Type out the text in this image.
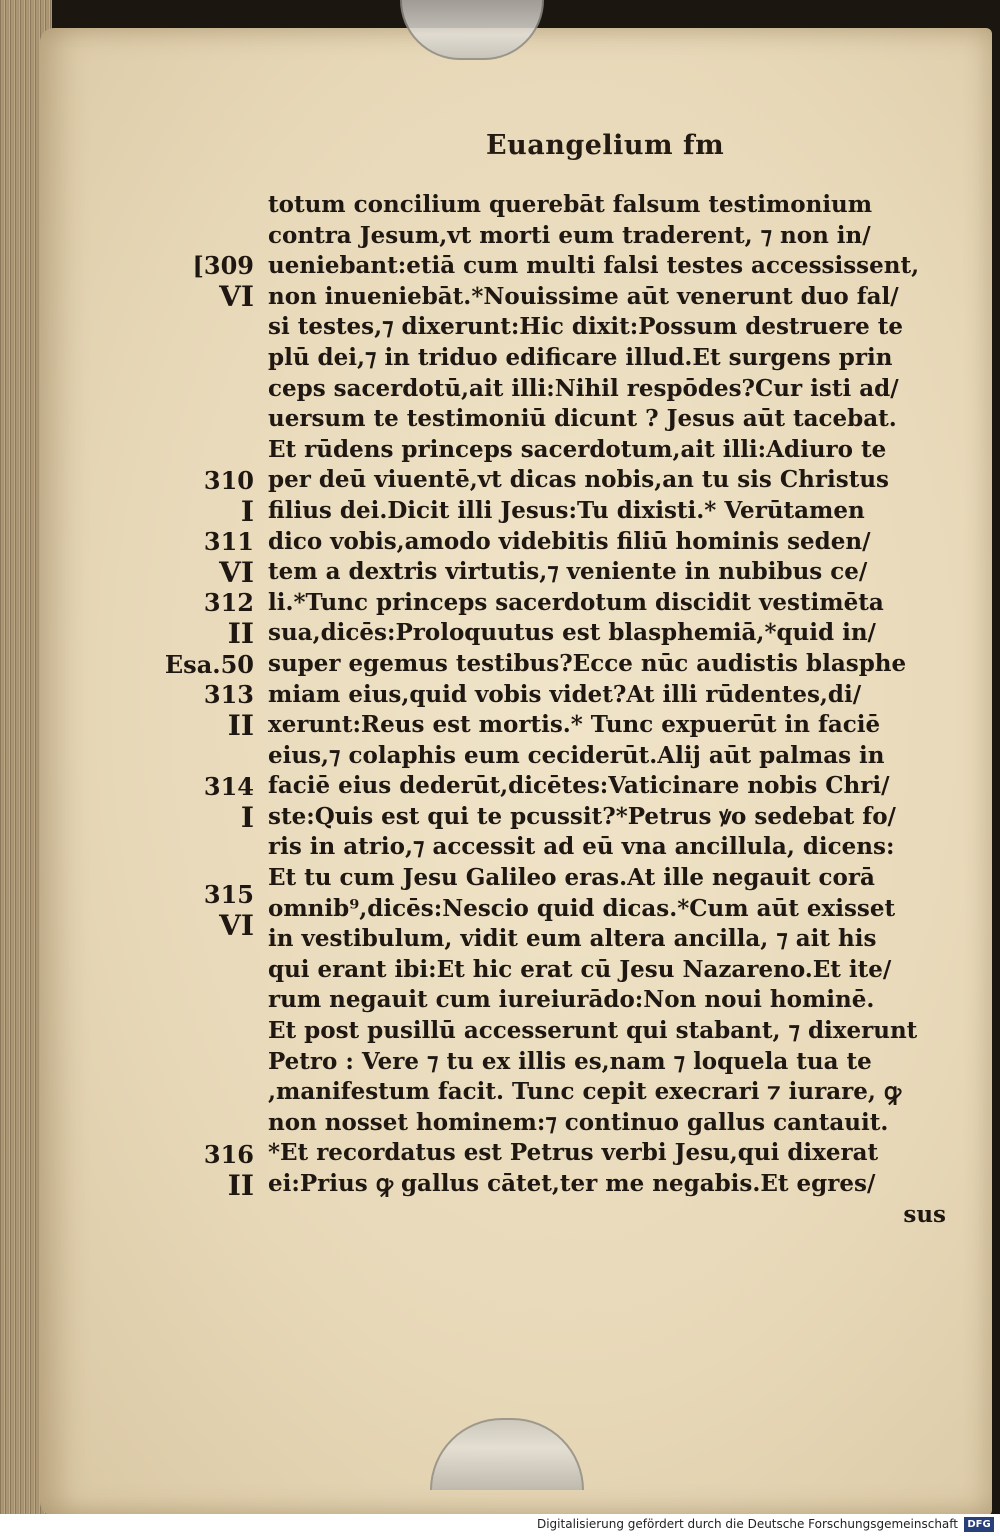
Euangelium fm
totum concilium querebāt falsum testimonium
contra Jesum,vt morti eum traderent, ⁊ non in/
ueniebant:etiā cum multi falsi testes accessissent,
non inueniebāt.*Nouissime aūt venerunt duo fal/
si testes,⁊ dixerunt:Hic dixit:Possum destruere te
plū dei,⁊ in triduo edificare illud.Et surgens prin
ceps sacerdotū,ait illi:Nihil respōdes?Cur isti ad/
uersum te testimoniū dicunt ? Jesus aūt tacebat.
Et rūdens princeps sacerdotum,ait illi:Adiuro te
per deū viuentē,vt dicas nobis,an tu sis Christus
filius dei.Dicit illi Jesus:Tu dixisti.* Verūtamen
dico vobis,amodo videbitis filiū hominis seden/
tem a dextris virtutis,⁊ veniente in nubibus ce/
li.*Tunc princeps sacerdotum discidit vestimēta
sua,dicēs:Proloquutus est blasphemiā,*quid in/
super egemus testibus?Ecce nūc audistis blasphe
miam eius,quid vobis videt?At illi rūdentes,di/
xerunt:Reus est mortis.* Tunc expuerūt in faciē
eius,⁊ colaphis eum ceciderūt.Alij aūt palmas in
faciē eius dederūt,dicētes:Vaticinare nobis Chri/
ste:Quis est qui te pcussit?*Petrus ꝟo sedebat fo/
ris in atrio,⁊ accessit ad eū vna ancillula, dicens:
Et tu cum Jesu Galileo eras.At ille negauit corā
omnib⁹,dicēs:Nescio quid dicas.*Cum aūt exisset
in vestibulum, vidit eum altera ancilla, ⁊ ait his
qui erant ibi:Et hic erat cū Jesu Nazareno.Et ite/
rum negauit cum iureiurādo:Non noui hominē.
Et post pusillū accesserunt qui stabant, ⁊ dixerunt
Petro : Vere ⁊ tu ex illis es,nam ⁊ loquela tua te
,manifestum facit. Tunc cepit execrari ⁊ iurare, ꝙ
non nosset hominem:⁊ continuo gallus cantauit.
*Et recordatus est Petrus verbi Jesu,qui dixerat
ei:Prius ꝙ gallus cātet,ter me negabis.Et egres/
sus
[309
VI
310
I
311
VI
312
II
Esa.50
313
II
314
I
315
VI
316
II
Digitalisierung gefördert durch die Deutsche Forschungsgemeinschaft DFG
